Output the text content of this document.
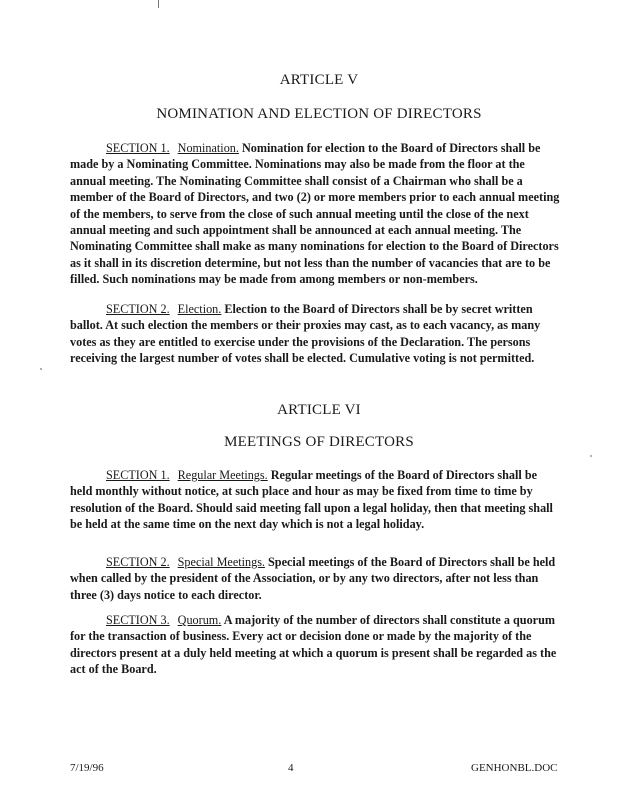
ARTICLE V
NOMINATION AND ELECTION OF DIRECTORS
SECTION 1. Nomination. Nomination for election to the Board of Directors shall be made by a Nominating Committee. Nominations may also be made from the floor at the annual meeting. The Nominating Committee shall consist of a Chairman who shall be a member of the Board of Directors, and two (2) or more members prior to each annual meeting of the members, to serve from the close of such annual meeting until the close of the next annual meeting and such appointment shall be announced at each annual meeting. The Nominating Committee shall make as many nominations for election to the Board of Directors as it shall in its discretion determine, but not less than the number of vacancies that are to be filled. Such nominations may be made from among members or non-members.
SECTION 2. Election. Election to the Board of Directors shall be by secret written ballot. At such election the members or their proxies may cast, as to each vacancy, as many votes as they are entitled to exercise under the provisions of the Declaration. The persons receiving the largest number of votes shall be elected. Cumulative voting is not permitted.
ARTICLE VI
MEETINGS OF DIRECTORS
SECTION 1. Regular Meetings. Regular meetings of the Board of Directors shall be held monthly without notice, at such place and hour as may be fixed from time to time by resolution of the Board. Should said meeting fall upon a legal holiday, then that meeting shall be held at the same time on the next day which is not a legal holiday.
SECTION 2. Special Meetings. Special meetings of the Board of Directors shall be held when called by the president of the Association, or by any two directors, after not less than three (3) days notice to each director.
SECTION 3. Quorum. A majority of the number of directors shall constitute a quorum for the transaction of business. Every act or decision done or made by the majority of the directors present at a duly held meeting at which a quorum is present shall be regarded as the act of the Board.
7/19/96	4	GENHONBL.DOC
